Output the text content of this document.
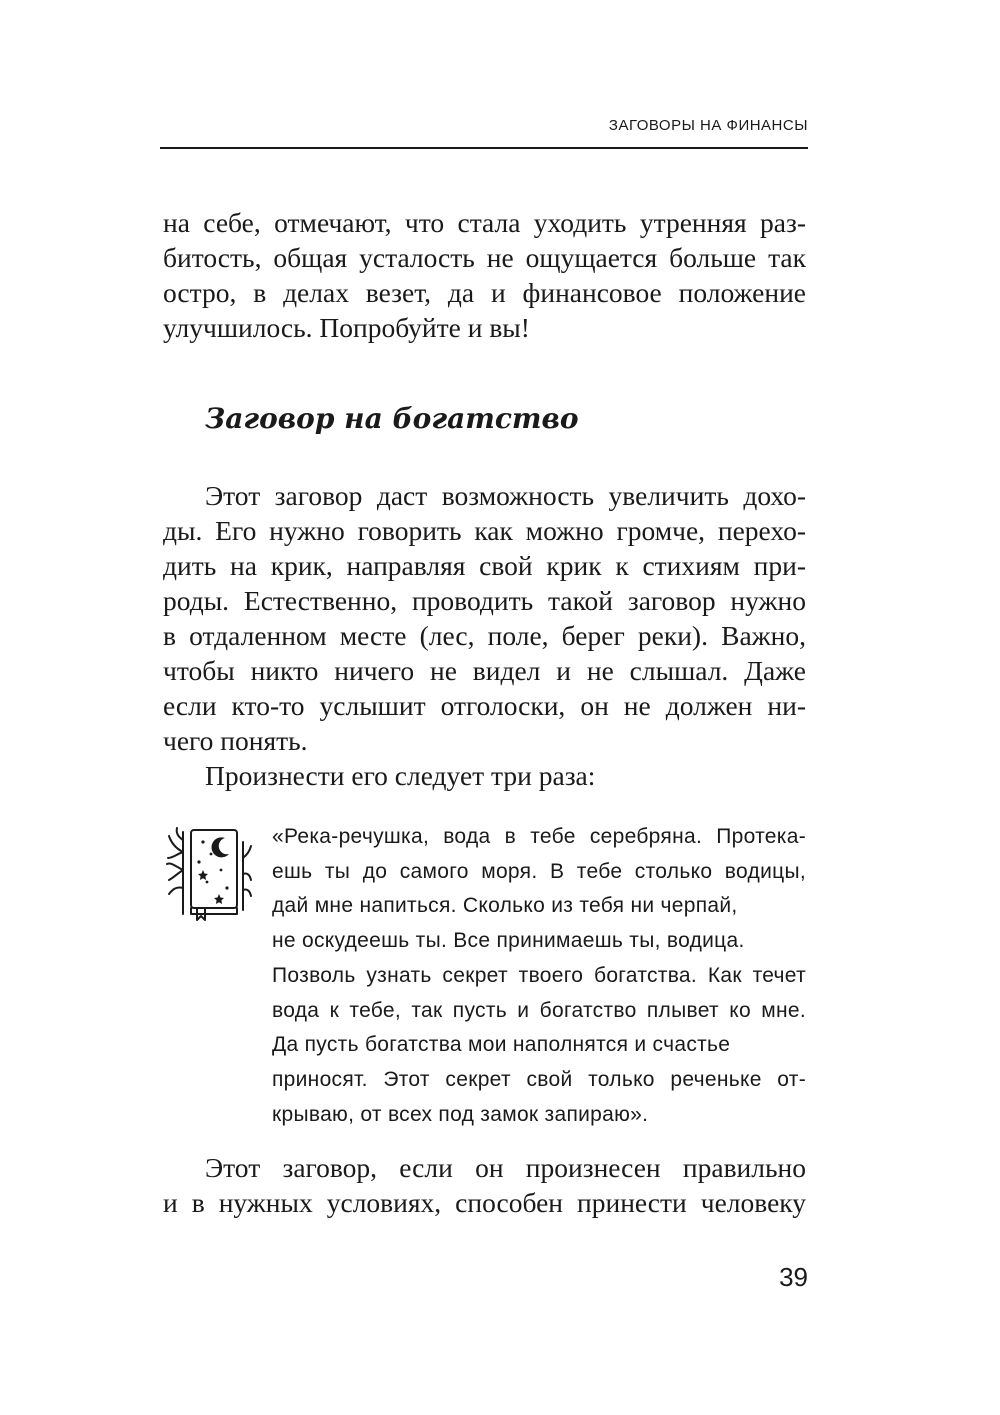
ЗАГОВОРЫ НА ФИНАНСЫ
на себе, отмечают, что стала уходить утренняя раз-
битость, общая усталость не ощущается больше так
остро, в делах везет, да и финансовое положение
улучшилось. Попробуйте и вы!
Заговор на богатство
Этот заговор даст возможность увеличить дохо-
ды. Его нужно говорить как можно громче, перехо-
дить на крик, направляя свой крик к стихиям при-
роды. Естественно, проводить такой заговор нужно
в отдаленном месте (лес, поле, берег реки). Важно,
чтобы никто ничего не видел и не слышал. Даже
если кто-то услышит отголоски, он не должен ни-
чего понять.
Произнести его следует три раза:
«Река-речушка, вода в тебе серебряна. Протека-
ешь ты до самого моря. В тебе столько водицы,
дай мне напиться. Сколько из тебя ни черпай,
не оскудеешь ты. Все принимаешь ты, водица.
Позволь узнать секрет твоего богатства. Как течет
вода к тебе, так пусть и богатство плывет ко мне.
Да пусть богатства мои наполнятся и счастье
приносят. Этот секрет свой только реченьке от-
крываю, от всех под замок запираю».
Этот заговор, если он произнесен правильно
и в нужных условиях, способен принести человеку
39
